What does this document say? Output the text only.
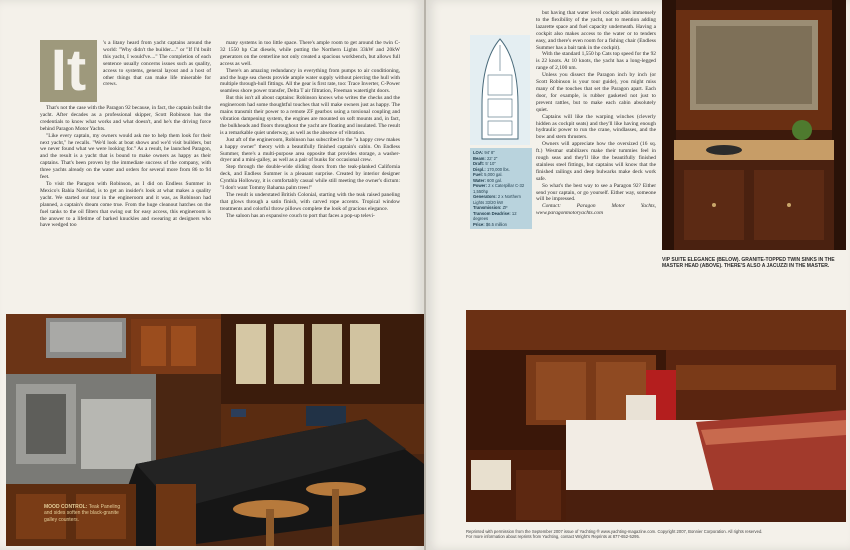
It	's a litany heard from yacht captains around the world: "Why didn't the builder...." or "If I'd built this yacht, I would've...." The completion of each sentence usually concerns issues such as quality, access to systems, general layout and a host of other things that can make life miserable for crews.

That's not the case with the Paragon 92 because, in fact, the captain built the yacht. After decades as a professional skipper, Scott Robinson has the credentials to know what works and what doesn't, and he's the driving force behind Paragon Motor Yachts.

"Like every captain, my owners would ask me to help them look for their next yacht," he recalls. "We'd look at boat shows and we'd visit builders, but we never found what we were looking for." As a result, he launched Paragon, and the result is a yacht that is bound to make owners as happy as their captains. That's been proven by the immediate success of the company, with three yachts already on the water and orders for several more from 86 to 94 feet.

To visit the Paragon with Robinson, as I did on Endless Summer in Mexico's Bahia Navidad, is to get an insider's look at what makes a quality yacht. We started our tour in the engineroom and it was, as Robinson had planned, a captain's dream come true. From the huge cleanout hatches on the fuel tanks to the oil filters that swing out for easy access, this engineroom is the answer to a lifetime of barked knuckles and swearing at designers who have wedged too

many systems in too little space. There's ample room to get around the twin C-32 1550 hp Cat diesels, while putting the Northern Lights 33kW and 20kW generators on the centerline not only created a spacious workbench, but allows full access as well.

There's an amazing redundancy in everything from pumps to air conditioning, and the huge sea chests provide ample water supply without piercing the hull with multiple through-hull fittings. All the gear is first rate, too: Trace Inverter, C-Power seamless shore power transfer, Delta T air filtration, Freeman watertight doors.

But this isn't all about captains: Robinson knows who writes the checks and the engineroom had some thoughtful touches that will make owners just as happy. The mains transmit their power to a remote ZF gearbox using a torsional coupling and vibration dampening system, the engines are mounted on soft mounts and, in fact, the bulkheads and floors throughout the yacht are floating and insulated. The result is a remarkable quiet underway, as well as the absence of vibration.

Just aft of the engineroom, Robinson has subscribed to the "a happy crew makes a happy owner" theory with a beautifully finished captain's cabin. On Endless Summer, there's a multi-purpose area opposite that provides storage, a washer-dryer and a mini-galley, as well as a pair of bunks for occasional crew.

Step through the double-wide sliding doors from the teak-planked California deck, and Endless Summer is a pleasant surprise. Created by interior designer Cynthia Holloway, it is comfortably casual while still meeting the owner's dictum: "I don't want Tommy Bahama palm trees!"

The result is understated British Colonial, starting with the teak raised paneling that glows through a satin finish, with carved rope accents. Tropical window treatments and colorful throw pillows complete the look of gracious elegance.

The saloon has an expansive couch to port that faces a pop-up televi-

MOOD CONTROL: Teak Paneling and sides soften the black-granite galley counters.
LOA: 94' 8"
Beam: 22' 2"
Draft: 5' 10"
Displ.: 170,000 lbs.
Fuel: 5,000 gal.
Water: 600 gal.
Power: 2 x Caterpillar C-32 1,550hp
Generators: 2 x Northern Lights 33/20 kW
Transmission: ZF
Transom Deadrise: 12 degrees
Price: $6.5 million

but having that water level cockpit adds immensely to the flexibility of the yacht, not to mention adding lazarette space and fuel capacity underneath. Having a cockpit also makes access to the water or to tenders easy, and there's even room for a fishing chair (Endless Summer has a bait tank in the cockpit).

With the standard 1,550 hp Cats top speed for the 92 is 22 knots. At 10 knots, the yacht has a long-legged range of 2,100 nm.

Unless you dissect the Paragon inch by inch (or Scott Robinson is your tour guide), you might miss many of the touches that set the Paragon apart. Each door, for example, is rubber gasketed not just to prevent rattles, but to make each cabin absolutely quiet.

Captains will like the warping winches (cleverly hidden as cockpit seats) and they'll like having enough hydraulic power to run the crane, windlasses, and the bow and stern thrusters.

Owners will appreciate how the oversized (16 sq. ft.) Wesmar stabilizers make their tummies feel in rough seas and they'll like the beautifully finished stainless steel fittings, but captains will know that the finished railings and deep bulwarks make deck work safe.

So what's the best way to see a Paragon 92? Either send your captain, or go yourself. Either way, someone will be impressed.

Contact: Paragon Motor Yachts, www.paragonmotoryachts.com

VIP SUITE ELEGANCE (BELOW). GRANITE-TOPPED TWIN SINKS IN THE MASTER HEAD (ABOVE). THERE'S ALSO A JACUZZI IN THE MASTER.
Reprinted with permission from the September 2007 issue of Yachting ® www.yachting-magazine.com. Copyright 2007, Bonnier Corporation. All rights reserved.
For more information about reprints from Yachting, contact Wright's Reprints at 877-652-5295.
